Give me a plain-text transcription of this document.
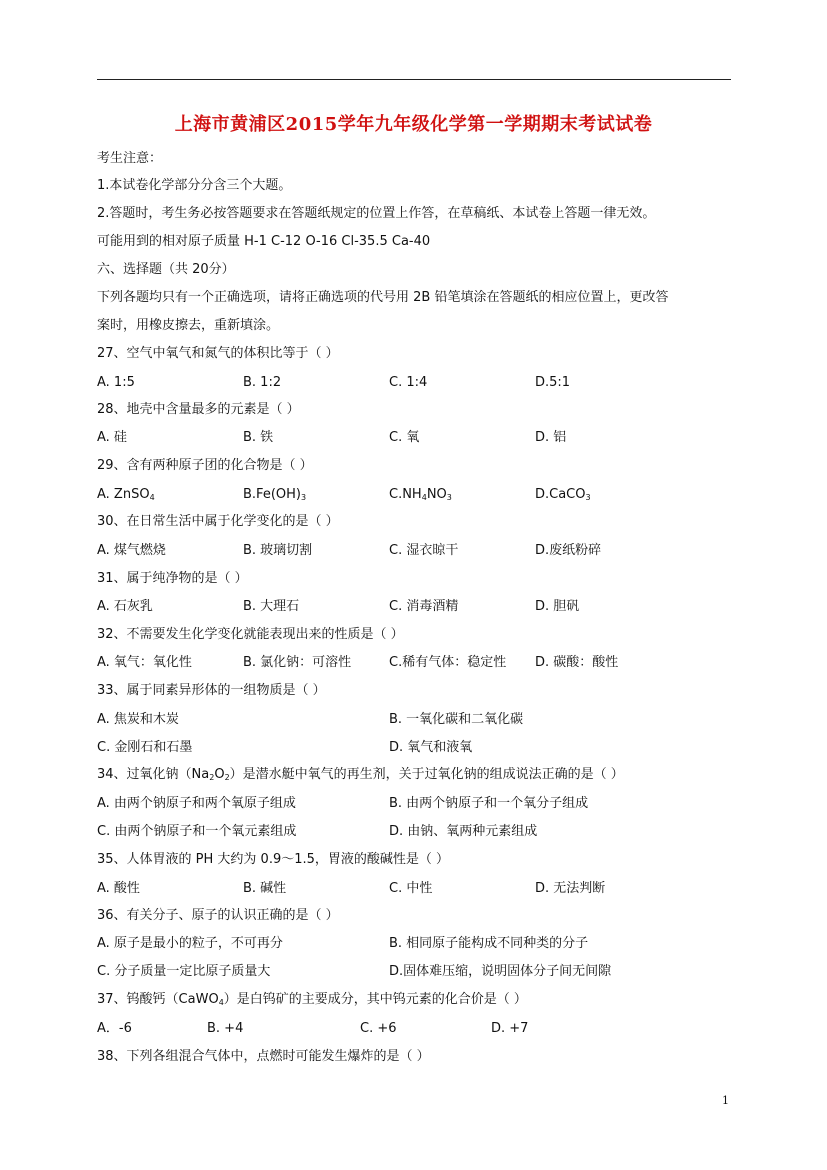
上海市黄浦区2015学年九年级化学第一学期期末考试试卷
考生注意：
1.本试卷化学部分分含三个大题。
2.答题时，考生务必按答题要求在答题纸规定的位置上作答，在草稿纸、本试卷上答题一律无效。
可能用到的相对原子质量 H-1 C-12 O-16 Cl-35.5 Ca-40
六、选择题（共 20分）
下列各题均只有一个正确选项，请将正确选项的代号用 2B 铅笔填涂在答题纸的相应位置上，更改答
案时，用橡皮擦去，重新填涂。
27、空气中氧气和氮气的体积比等于（ ）
A. 1:5	B. 1:2	C. 1:4	D.5:1
28、地壳中含量最多的元素是（ ）
A. 硅	B. 铁	C. 氧	D. 铝
29、含有两种原子团的化合物是（ ）
A. ZnSO$_4$	$B.Fe(OH)_3$	$C.NH_4NO_3$	D.CaCO$_3$
30、在日常生活中属于化学变化的是（ ）
A. 煤气燃烧	B. 玻璃切割	C. 湿衣晾干	D.废纸粉碎
31、属于纯净物的是（ ）
A. 石灰乳	B. 大理石	C. 消毒酒精	D. 胆矾
32、不需要发生化学变化就能表现出来的性质是（ ）
A. 氧气：氧化性	B. 氯化钠：可溶性	C.稀有气体：稳定性 D. 碳酸：酸性
33、属于同素异形体的一组物质是（ ）
A. 焦炭和木炭	B. 一氧化碳和二氧化碳
C. 金刚石和石墨	D. 氧气和液氧
34、过氧化钠$(Na_2O_2)$是潜水艇中氧气的再生剂，关于过氧化钠的组成说法正确的是（ ）
A. 由两个钠原子和两个氧原子组成	B. 由两个钠原子和一个氧分子组成
C. 由两个钠原子和一个氧元素组成	D. 由钠、氧两种元素组成
35、人体胃液的 PH 大约为 0.9～1.5，胃液的酸碱性是（ ）
A. 酸性	B. 碱性	C. 中性	D. 无法判断
36、有关分子、原子的认识正确的是（ ）
A. 原子是最小的粒子，不可再分	B. 相同原子能构成不同种类的分子
C. 分子质量一定比原子质量大	D.固体难压缩，说明固体分子间无间隙
37、钨酸钙（CaWO$_4$）是白钨矿的主要成分，其中钨元素的化合价是（ ）
A．-6	B. +4	C. +6	D. +7
38、下列各组混合气体中，点燃时可能发生爆炸的是（ ）
1
